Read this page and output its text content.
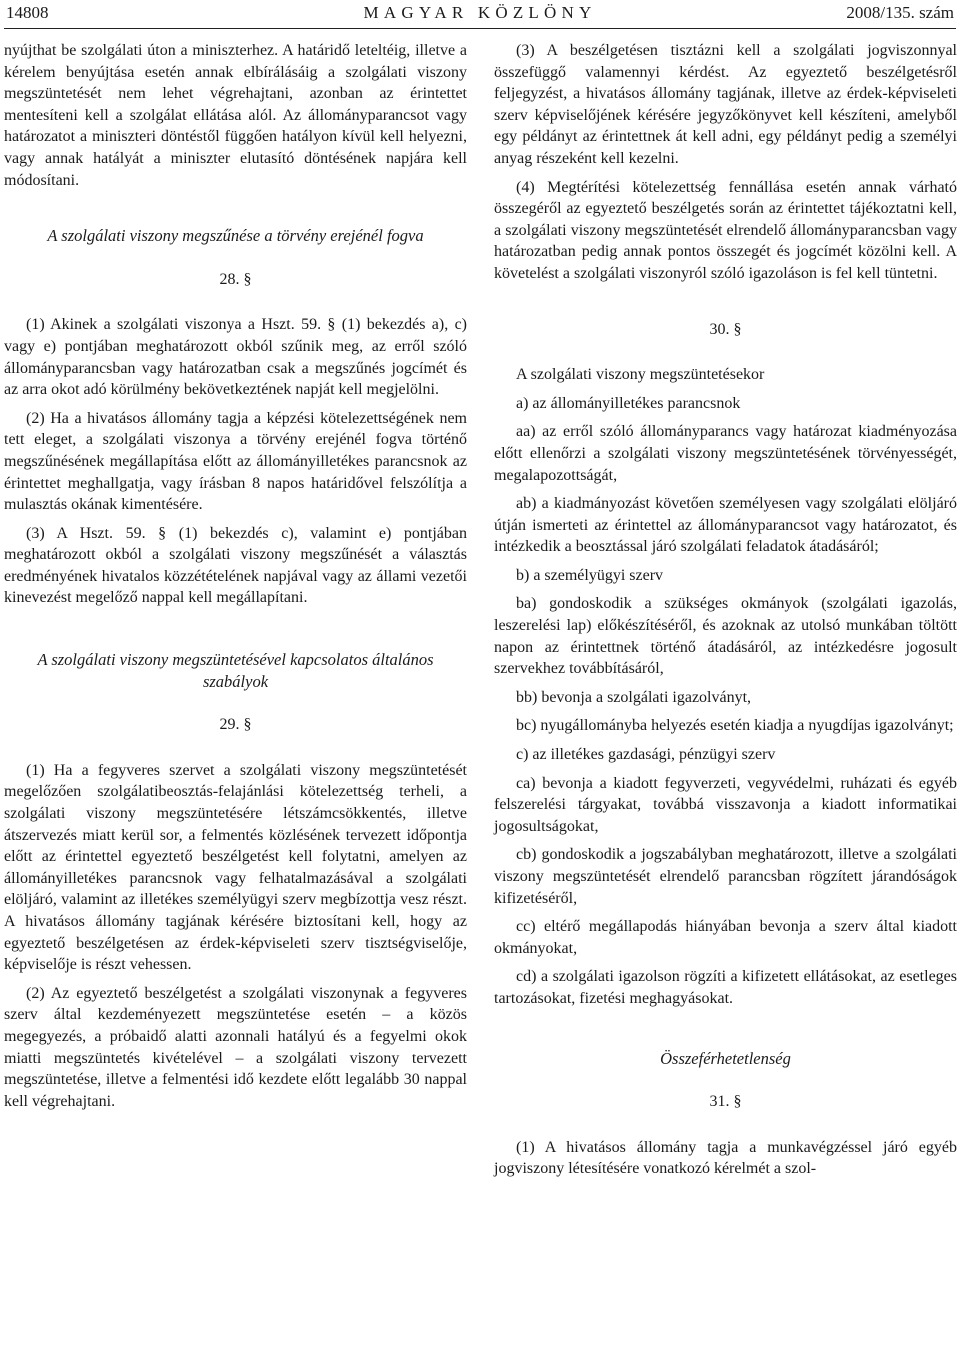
14808	MAGYAR KÖZLÖNY	2008/135. szám

nyújthat be szolgálati úton a miniszterhez. A határidő leteltéig, illetve a kérelem benyújtása esetén annak elbírálásáig a szolgálati viszony megszüntetését nem lehet végrehajtani, azonban az érintettet mentesíteni kell a szolgálat ellátása alól. Az állományparancsot vagy határozatot a miniszteri döntéstől függően hatályon kívül kell helyezni, vagy annak hatályát a miniszter elutasító döntésének napjára kell módosítani.

A szolgálati viszony megszűnése a törvény erejénél fogva

28. §

(1) Akinek a szolgálati viszonya a Hszt. 59. § (1) bekezdés a), c) vagy e) pontjában meghatározott okból szűnik meg, az erről szóló állományparancsban vagy határozatban csak a megszűnés jogcímét és az arra okot adó körülmény bekövetkeztének napját kell megjelölni.

(2) Ha a hivatásos állomány tagja a képzési kötelezettségének nem tett eleget, a szolgálati viszonya a törvény erejénél fogva történő megszűnésének megállapítása előtt az állományilletékes parancsnok az érintettet meghallgatja, vagy írásban 8 napos határidővel felszólítja a mulasztás okának kimentésére.

(3) A Hszt. 59. § (1) bekezdés c), valamint e) pontjában meghatározott okból a szolgálati viszony megszűnését a választás eredményének hivatalos közzétételének napjával vagy az állami vezetői kinevezést megelőző nappal kell megállapítani.

A szolgálati viszony megszüntetésével kapcsolatos általános szabályok

29. §

(1) Ha a fegyveres szervet a szolgálati viszony megszüntetését megelőzően szolgálatibeosztás-felajánlási kötelezettség terheli, a szolgálati viszony megszüntetésére létszámcsökkentés, illetve átszervezés miatt kerül sor, a felmentés közlésének tervezett időpontja előtt az érintettel egyeztető beszélgetést kell folytatni, amelyen az állományilletékes parancsnok vagy felhatalmazásával a szolgálati elöljáró, valamint az illetékes személyügyi szerv megbízottja vesz részt. A hivatásos állomány tagjának kérésére biztosítani kell, hogy az egyeztető beszélgetésen az érdek-képviseleti szerv tisztségviselője, képviselője is részt vehessen.

(2) Az egyeztető beszélgetést a szolgálati viszonynak a fegyveres szerv által kezdeményezett megszüntetése esetén – a közös megegyezés, a próbaidő alatti azonnali hatályú és a fegyelmi okok miatti megszüntetés kivételével – a szolgálati viszony tervezett megszüntetése, illetve a felmentési idő kezdete előtt legalább 30 nappal kell végrehajtani.

(3) A beszélgetésen tisztázni kell a szolgálati jogviszonnyal összefüggő valamennyi kérdést. Az egyeztető beszélgetésről feljegyzést, a hivatásos állomány tagjának, illetve az érdek-képviseleti szerv képviselőjének kérésére jegyzőkönyvet kell készíteni, amelyből egy példányt az érintettnek át kell adni, egy példányt pedig a személyi anyag részeként kell kezelni.

(4) Megtérítési kötelezettség fennállása esetén annak várható összegéről az egyeztető beszélgetés során az érintettet tájékoztatni kell, a szolgálati viszony megszüntetését elrendelő állományparancsban vagy határozatban pedig annak pontos összegét és jogcímét közölni kell. A követelést a szolgálati viszonyról szóló igazoláson is fel kell tüntetni.

30. §

A szolgálati viszony megszüntetésekor

a) az állományilletékes parancsnok

aa) az erről szóló állományparancs vagy határozat kiadményozása előtt ellenőrzi a szolgálati viszony megszüntetésének törvényességét, megalapozottságát,

ab) a kiadmányozást követően személyesen vagy szolgálati elöljáró útján ismerteti az érintettel az állományparancsot vagy határozatot, és intézkedik a beosztással járó szolgálati feladatok átadásáról;

b) a személyügyi szerv

ba) gondoskodik a szükséges okmányok (szolgálati igazolás, leszerelési lap) előkészítéséről, és azoknak az utolsó munkában töltött napon az érintettnek történő átadásáról, az intézkedésre jogosult szervekhez továbbításáról,

bb) bevonja a szolgálati igazolványt,

bc) nyugállományba helyezés esetén kiadja a nyugdíjas igazolványt;

c) az illetékes gazdasági, pénzügyi szerv

ca) bevonja a kiadott fegyverzeti, vegyvédelmi, ruházati és egyéb felszerelési tárgyakat, továbbá visszavonja a kiadott informatikai jogosultságokat,

cb) gondoskodik a jogszabályban meghatározott, illetve a szolgálati viszony megszüntetését elrendelő parancsban rögzített járandóságok kifizetéséről,

cc) eltérő megállapodás hiányában bevonja a szerv által kiadott okmányokat,

cd) a szolgálati igazolson rögzíti a kifizetett ellátásokat, az esetleges tartozásokat, fizetési meghagyásokat.

Összeférhetetlenség

31. §

(1) A hivatásos állomány tagja a munkavégzéssel járó egyéb jogviszony létesítésére vonatkozó kérelmét a szol-
